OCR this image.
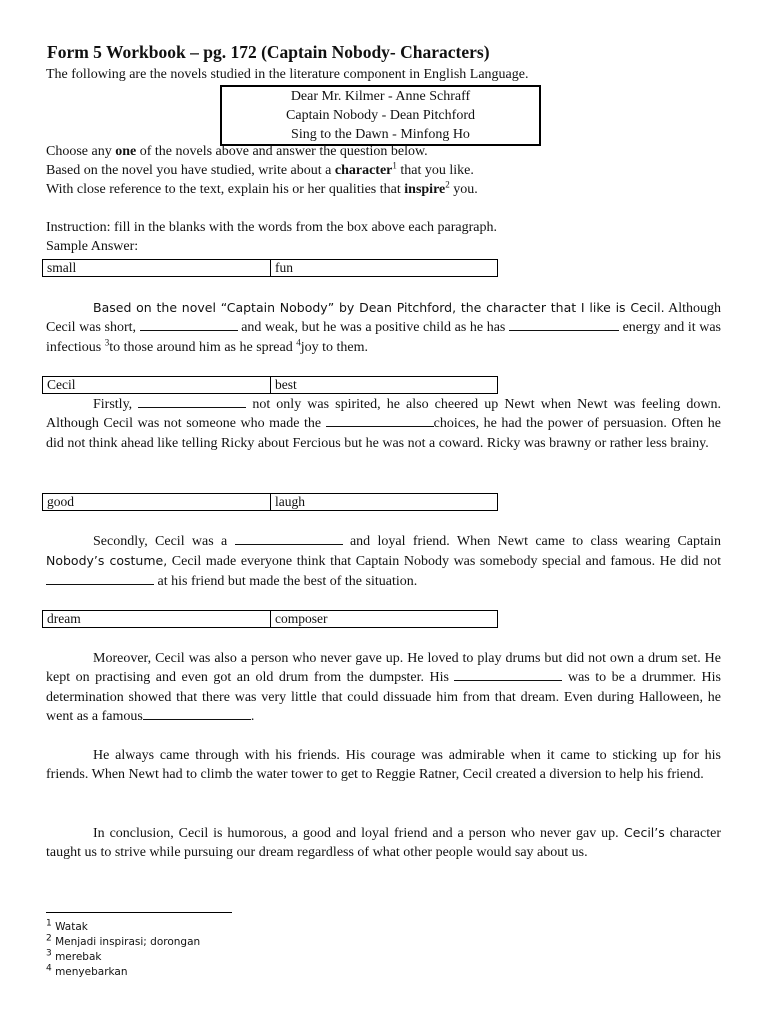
Form 5 Workbook – pg. 172 (Captain Nobody- Characters)
The following are the novels studied in the literature component in English Language.
Dear Mr. Kilmer - Anne Schraff
Captain Nobody - Dean Pitchford
Sing to the Dawn - Minfong Ho
Choose any one of the novels above and answer the question below.
Based on the novel you have studied, write about a character$^1$ that you like.
With close reference to the text, explain his or her qualities that inspire$^2$ you.
Instruction: fill in the blanks with the words from the box above each paragraph.
Sample Answer:
small	fun

Based on the novel “Captain Nobody” by Dean Pitchford, the character that I like is Cecil. Although Cecil was short,	and weak, but he was a positive child as he has	energy and it was infectious $^3$to those around him as he spread $^4$joy to them.

Cecil	best

Firstly,	not only was spirited, he also cheered up Newt when Newt was feeling down. Although Cecil was not someone who made the	choices, he had the power of persuasion. Often he did not think ahead like telling Ricky about Fercious but he was not a coward. Ricky was brawny or rather less brainy.

good	laugh

Secondly, Cecil was a	and loyal friend. When Newt came to class wearing Captain Nobody’s costume, Cecil made everyone think that Captain Nobody was somebody special and famous. He did not  at his friend but made the best of the situation.

dream	composer

Moreover, Cecil was also a person who never gave up. He loved to play drums but did not own a drum set. He kept on practising and even got an old drum from the dumpster. His	was to be a drummer. His determination showed that there was very little that could dissuade him from that dream. Even during Halloween, he went as a famous	.

He always came through with his friends. His courage was admirable when it came to sticking up for his friends. When Newt had to climb the water tower to get to Reggie Ratner, Cecil created a diversion to help his friend.

In conclusion, Cecil is humorous, a good and loyal friend and a person who never gav up. Cecil’s character taught us to strive while pursuing our dream regardless of what other people would say about us.

$^1$ Watak
$^2$ Menjadi inspirasi; dorongan
$^3$ merebak
$^4$ menyebarkan
